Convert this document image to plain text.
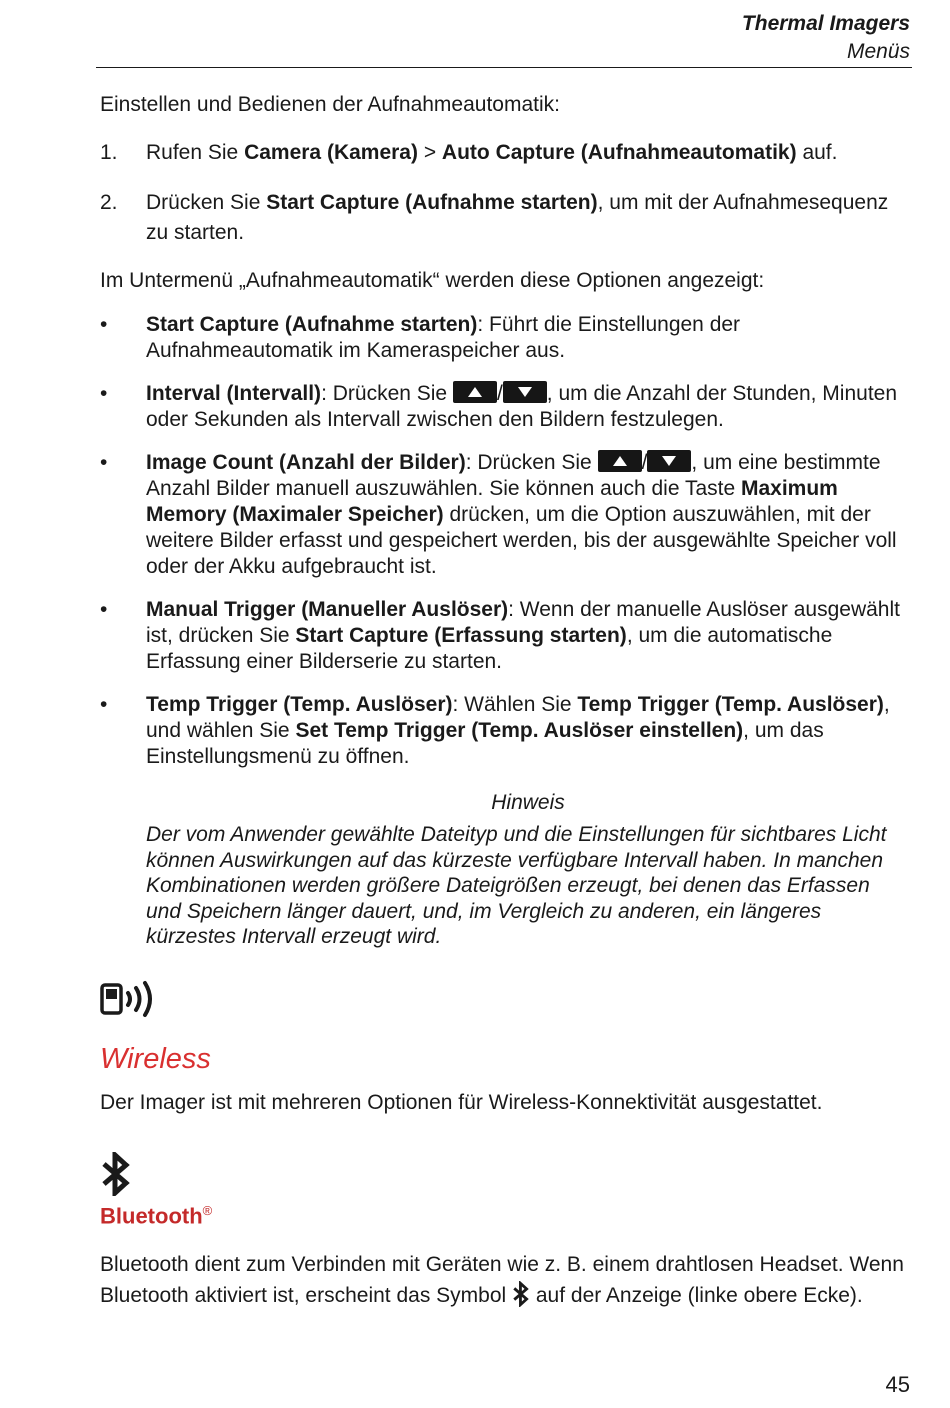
Thermal Imagers
Menüs

Einstellen und Bedienen der Aufnahmeautomatik:

1. Rufen Sie Camera (Kamera) > Auto Capture (Aufnahmeautomatik) auf.
2. Drücken Sie Start Capture (Aufnahme starten), um mit der Aufnahmesequenz zu starten.

Im Untermenü „Aufnahmeautomatik“ werden diese Optionen angezeigt:

• Start Capture (Aufnahme starten): Führt die Einstellungen der Aufnahmeautomatik im Kameraspeicher aus.
• Interval (Intervall): Drücken Sie
/ , um die Anzahl der Stunden, Minuten oder Sekunden als Intervall zwischen den Bildern festzulegen.
• Image Count (Anzahl der Bilder): Drücken Sie
/ , um eine bestimmte Anzahl Bilder manuell auszuwählen. Sie können auch die Taste Maximum Memory (Maximaler Speicher) drücken, um die Option auszuwählen, mit der weitere Bilder erfasst und gespeichert werden, bis der ausgewählte Speicher voll oder der Akku aufgebraucht ist.
• Manual Trigger (Manueller Auslöser): Wenn der manuelle Auslöser ausgewählt ist, drücken Sie Start Capture (Erfassung starten), um die automatische Erfassung einer Bilderserie zu starten.
• Temp Trigger (Temp. Auslöser): Wählen Sie Temp Trigger (Temp. Auslöser), und wählen Sie Set Temp Trigger (Temp. Auslöser einstellen), um das Einstellungsmenü zu öffnen.
Hinweis
Der vom Anwender gewählte Dateityp und die Einstellungen für sichtbares Licht können Auswirkungen auf das kürzeste verfügbare Intervall haben. In manchen Kombinationen werden größere Dateigrößen erzeugt, bei denen das Erfassen und Speichern länger dauert, und, im Vergleich zu anderen, ein längeres kürzestes Intervall erzeugt wird.
Wireless

Der Imager ist mit mehreren Optionen für Wireless-Konnektivität ausgestattet.

Bluetooth®

Bluetooth dient zum Verbinden mit Geräten wie z. B. einem drahtlosen Headset. Wenn Bluetooth aktiviert ist, erscheint das Symbol  auf der Anzeige (linke obere Ecke).

45
